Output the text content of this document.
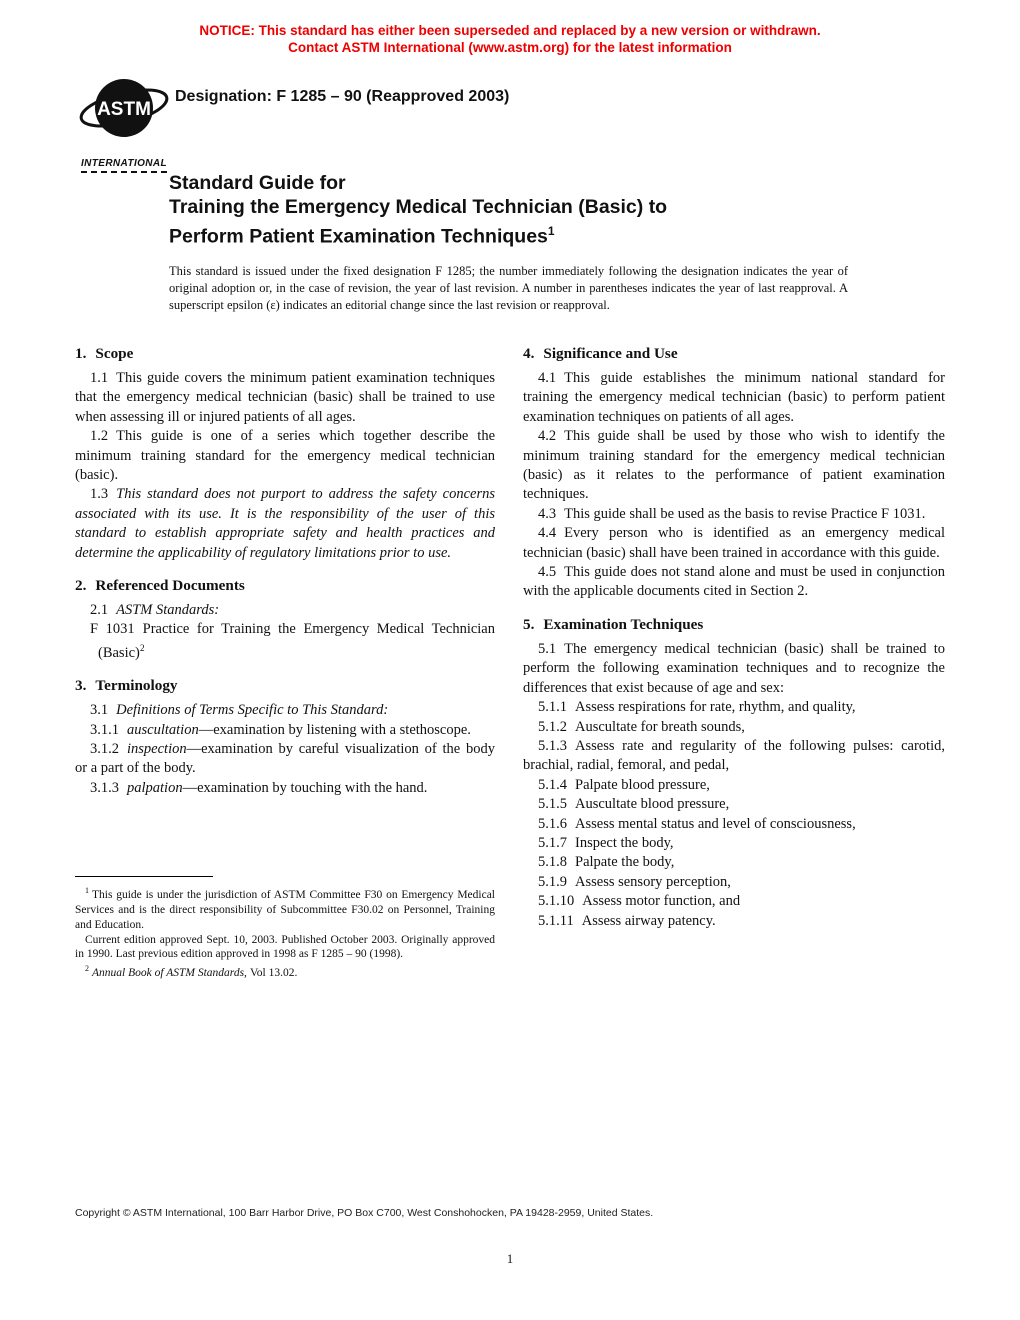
NOTICE: This standard has either been superseded and replaced by a new version or withdrawn.
Contact ASTM International (www.astm.org) for the latest information
ASTM
INTERNATIONAL
Designation: F 1285 – 90 (Reapproved 2003)
Standard Guide for
Training the Emergency Medical Technician (Basic) to
Perform Patient Examination Techniques$^1$

This standard is issued under the fixed designation F 1285; the number immediately following the designation indicates the year of original adoption or, in the case of revision, the year of last revision. A number in parentheses indicates the year of last reapproval. A superscript epsilon (ε) indicates an editorial change since the last revision or reapproval.

1. Scope

1.1 This guide covers the minimum patient examination techniques that the emergency medical technician (basic) shall be trained to use when assessing ill or injured patients of all ages.

1.2 This guide is one of a series which together describe the minimum training standard for the emergency medical technician (basic).

1.3 This standard does not purport to address the safety concerns associated with its use. It is the responsibility of the user of this standard to establish appropriate safety and health practices and determine the applicability of regulatory limitations prior to use.

2. Referenced Documents

2.1 ASTM Standards:

F 1031 Practice for Training the Emergency Medical Technician (Basic)$^2$

3. Terminology

3.1 Definitions of Terms Specific to This Standard:

3.1.1 auscultation—examination by listening with a stethoscope.

3.1.2 inspection—examination by careful visualization of the body or a part of the body.

3.1.3 palpation—examination by touching with the hand.

4. Significance and Use

4.1 This guide establishes the minimum national standard for training the emergency medical technician (basic) to perform patient examination techniques on patients of all ages.

4.2 This guide shall be used by those who wish to identify the minimum training standard for the emergency medical technician (basic) as it relates to the performance of patient examination techniques.

4.3 This guide shall be used as the basis to revise Practice F 1031.

4.4 Every person who is identified as an emergency medical technician (basic) shall have been trained in accordance with this guide.

4.5 This guide does not stand alone and must be used in conjunction with the applicable documents cited in Section 2.

5. Examination Techniques

5.1 The emergency medical technician (basic) shall be trained to perform the following examination techniques and to recognize the differences that exist because of age and sex:

5.1.1 Assess respirations for rate, rhythm, and quality,

5.1.2 Auscultate for breath sounds,

5.1.3 Assess rate and regularity of the following pulses: carotid, brachial, radial, femoral, and pedal,

5.1.4 Palpate blood pressure,

5.1.5 Auscultate blood pressure,

5.1.6 Assess mental status and level of consciousness,

5.1.7 Inspect the body,

5.1.8 Palpate the body,

5.1.9 Assess sensory perception,

5.1.10 Assess motor function, and

5.1.11 Assess airway patency.

$^1$ This guide is under the jurisdiction of ASTM Committee F30 on Emergency Medical Services and is the direct responsibility of Subcommittee F30.02 on Personnel, Training and Education.

Current edition approved Sept. 10, 2003. Published October 2003. Originally approved in 1990. Last previous edition approved in 1998 as F 1285 – 90 (1998).

$^2$ Annual Book of ASTM Standards, Vol 13.02.

Copyright © ASTM International, 100 Barr Harbor Drive, PO Box C700, West Conshohocken, PA 19428-2959, United States.
1
